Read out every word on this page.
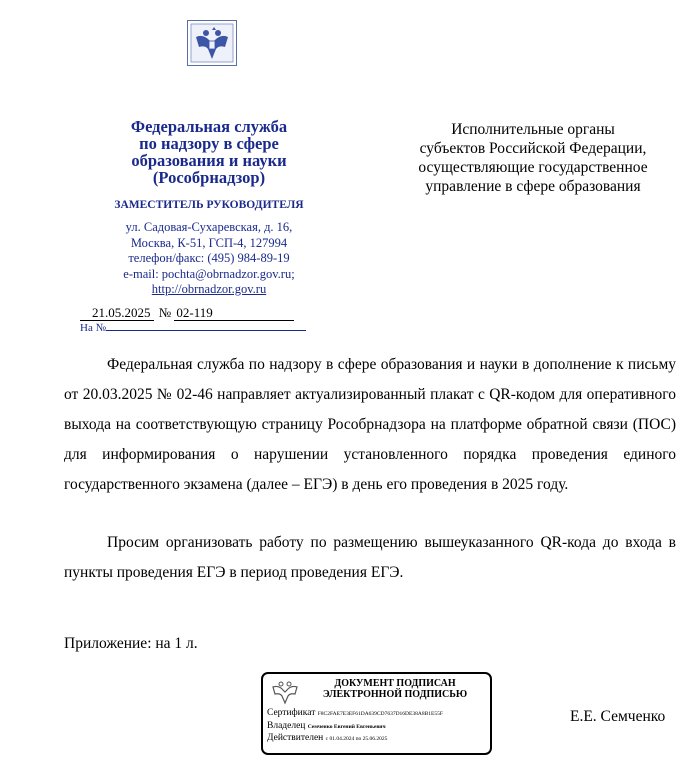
Федеральная служба
по надзору в сфере
образования и науки
(Рособрнадзор)
ЗАМЕСТИТЕЛЬ РУКОВОДИТЕЛЯ
ул. Садовая-Сухаревская, д. 16,
Москва, К-51, ГСП-4, 127994
телефон/факс: (495) 984-89-19
e-mail: pochta@obrnadzor.gov.ru;
http://obrnadzor.gov.ru
Исполнительные органы
субъектов Российской Федерации,
осуществляющие государственное
управление в сфере образования
21.05.2025 № 02-119
На №
Федеральная служба по надзору в сфере образования и науки в дополнение к письму от 20.03.2025 № 02-46 направляет актуализированный плакат с QR-кодом для оперативного выхода на соответствующую страницу Рособрнадзора на платформе обратной связи (ПОС) для информирования о нарушении установленного порядка проведения единого государственного экзамена (далее – ЕГЭ) в день его проведения в 2025 году.
Просим организовать работу по размещению вышеуказанного QR-кода до входа в пункты проведения ЕГЭ в период проведения ЕГЭ.
Приложение: на 1 л.
ДОКУМЕНТ ПОДПИСАН
ЭЛЕКТРОННОЙ ПОДПИСЬЮ
Сертификат F8C2FAE7E3EF61DA639CD7637D16DE38A8B1E55F
Владелец Семченко Евгений Евгеньевич
Действителен с 01.04.2024 по 25.06.2025
Е.Е. Семченко
